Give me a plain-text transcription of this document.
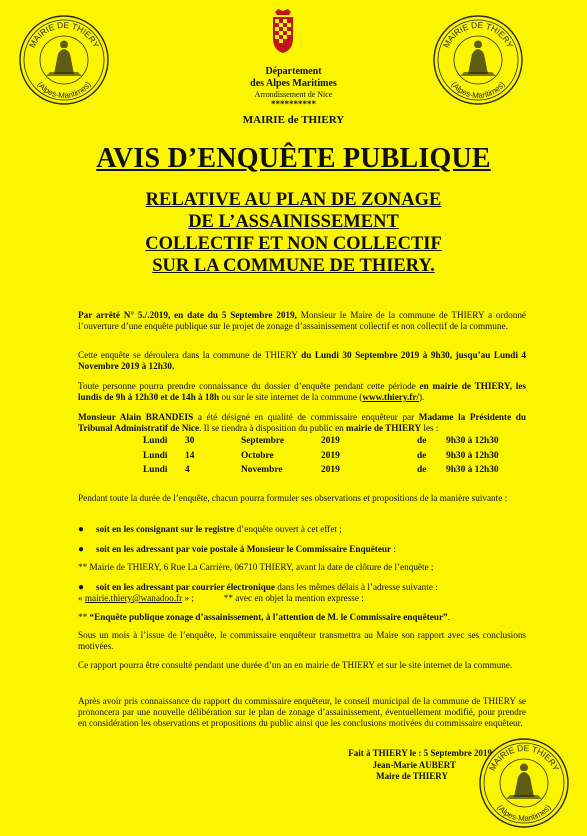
MAIRIE DE THIERY
(Alpes-Maritimes)
MAIRIE DE THIERY
(Alpes-Maritimes)
Département
des Alpes Maritimes
Arrondissement de Nice
**********
MAIRIE de THIERY
AVIS D’ENQUÊTE PUBLIQUE
RELATIVE AU PLAN DE ZONAGE
DE L’ASSAINISSEMENT
COLLECTIF ET NON COLLECTIF
SUR LA COMMUNE DE THIERY.
Par arrêté N° 5./.2019, en date du 5 Septembre 2019, Monsieur le Maire de la commune de THIERY a ordonné l’ouverture d’une enquête publique sur le projet de zonage d’assainissement collectif et non collectif de la commune.
Cette enquête se déroulera dans la commune de THIERY du Lundi 30 Septembre 2019 à 9h30, jusqu’au Lundi 4 Novembre 2019 à 12h30.
Toute personne pourra prendre connaissance du dossier d’enquête pendant cette période en mairie de THIERY, les lundis de 9h à 12h30 et de 14h à 18h ou sur le site internet de la commune (www.thiery.fr/).
Monsieur Alain BRANDEIS a été désigné en qualité de commissaire enquêteur par Madame la Présidente du Tribunal Administratif de Nice. Il se tiendra à disposition du public en mairie de THIERY les :
Lundi	30	Septembre	2019	de	9h30 à 12h30
Lundi	14	Octobre	2019	de	9h30 à 12h30
Lundi	4	Novembre	2019	de	9h30 à 12h30
Pendant toute la durée de l’enquête, chacun pourra formuler ses observations et propositions de la manière suivante :
● soit en les consignant sur le registre d’enquête ouvert à cet effet ;
● soit en les adressant par voie postale à Monsieur le Commissaire Enquêteur :
** Mairie de THIERY, 6 Rue La Carrière, 06710 THIERY, avant la date de clôture de l’enquête ;
● soit en les adressant par courrier électronique dans les mêmes délais à l’adresse suivante :
« mairie.thiery@wanadoo.fr » ;             ** avec en objet la mention expresse :
** “Enquête publique zonage d’assainissement, à l’attention de M. le Commissaire enquêteur”.
Sous un mois à l’issue de l’enquête, le commissaire enquêteur transmettra au Maire son rapport avec ses conclusions motivées.
Ce rapport pourra être consulté pendant une durée d’un an en mairie de THIERY et sur le site internet de la commune.
Après avoir pris connaissance du rapport du commissaire enquêteur, le conseil municipal de la commune de THIERY se prononcera par une nouvelle délibération sur le plan de zonage d’assainissement, éventuellement modifié, pour prendre en considération les observations et propositions du public ainsi que les conclusions motivées du commissaire enquêteur.
Fait à THIERY le : 5 Septembre 2019
Jean-Marie AUBERT
Maire de THIERY
MAIRIE DE THIERY
(Alpes-Maritimes)
